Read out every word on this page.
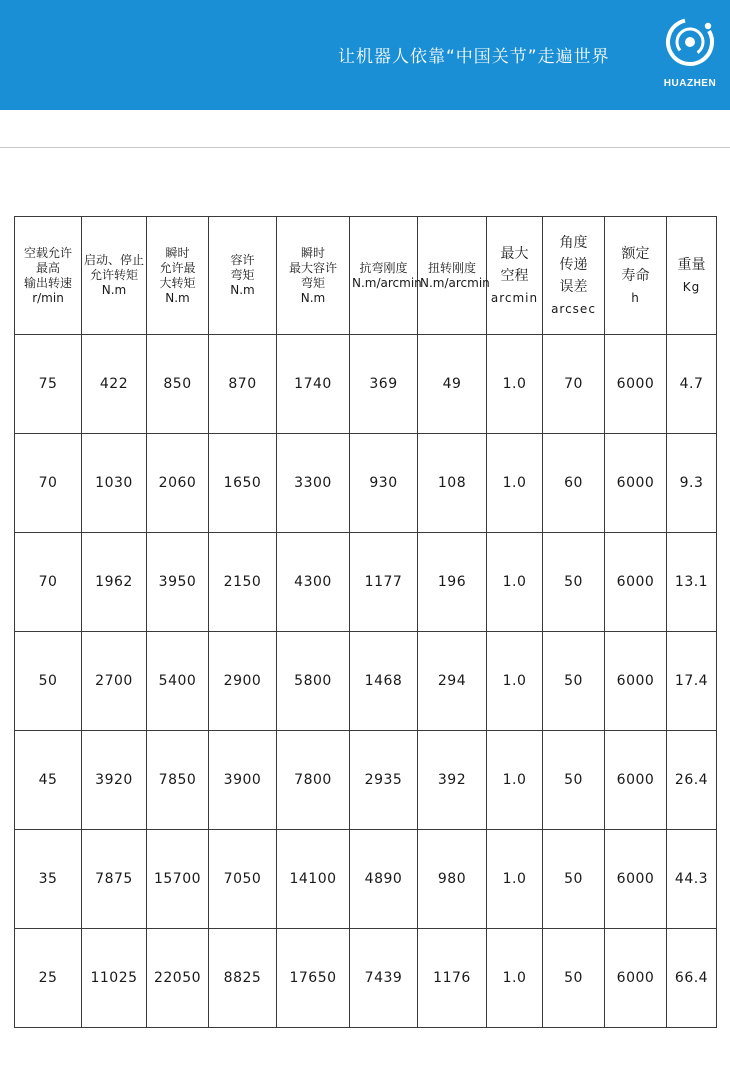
让机器人依靠“中国关节”走遍世界
HUAZHEN
空载允许
最高
输出转速
r/min	启动、停止
允许转矩
N.m	瞬时
允许最
大转矩
N.m	容许
弯矩
N.m	瞬时
最大容许
弯矩
N.m	抗弯刚度
N.m/arcmin	扭转刚度
N.m/arcmin	最大
空程
arcmin	角度
传递
误差
arcsec	额定
寿命
h	重量
Kg

75	422	850	870	1740	369	49	1.0	70	6000	4.7
70	1030	2060	1650	3300	930	108	1.0	60	6000	9.3
70	1962	3950	2150	4300	1177	196	1.0	50	6000	13.1
50	2700	5400	2900	5800	1468	294	1.0	50	6000	17.4
45	3920	7850	3900	7800	2935	392	1.0	50	6000	26.4
35	7875	15700	7050	14100	4890	980	1.0	50	6000	44.3
25	11025	22050	8825	17650	7439	1176	1.0	50	6000	66.4
